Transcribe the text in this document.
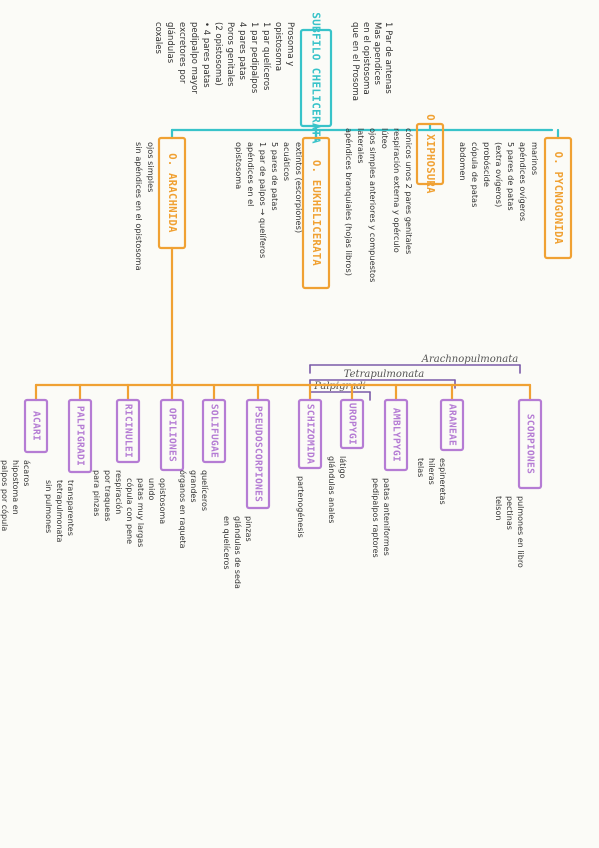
SUBFILO CHELICERATA	1 Par de antenas
Mas apendices
en el opistosoma
que en el Prosoma
Prosoma y
opistosoma
1 par quelíceros
1 par pedipalpos
4 pares patas
Poros genitales
(2 opistosoma)
• 4 pares patas
pedipalpo mayor
excretores por
glándulas
coxales
O. ARACHNIDA
ojos simples
sin apéndices en el opistosoma	O. EUKHELICERATA
extintos (escorpiones)
acuáticos
5 pares de patas
1 par de palpos → quelíferos
apéndices en el
opistosoma	O. XIPHOSURA
cónicos unos 2 pares genitales
respiración externa y opérculo
lúteo
ojos simples anteriores y compuestos
laterales
apéndices branquiales (hojas libros)	O. PYCNOGONIDA
marinos
apéndices ovígeros
5 pares de patas
(extra ovígeros)
probóscide
cópula de patas
abdomen
Arachnopulmonata
Tetrapulmonata
Palpigradi
ACARI
ácaros
hipostoma en
palpos por cópula
PALPIGRADI
transparentes
tetrapulmonata
sin pulmones
RICINULEI
respiración
por traqueas
para pinzas
OPILIONES
opistosoma
unido
patas muy largas
cópula con pene
SOLIFUGAE
quelíceros
grandes
órganos en raqueta
PSEUDOSCORPIONES
pinzas
glándulas de seda
en quelíceros
SCHIZOMIDA
partenogénesis
UROPYGI
látigo
glándulas anales
AMBLYPYGI
patas anteniformes
pedipalpos raptores
ARANEAE
espineretas
hileras
telas	SCORPIONES
pulmones en libro
pectinas
telson
